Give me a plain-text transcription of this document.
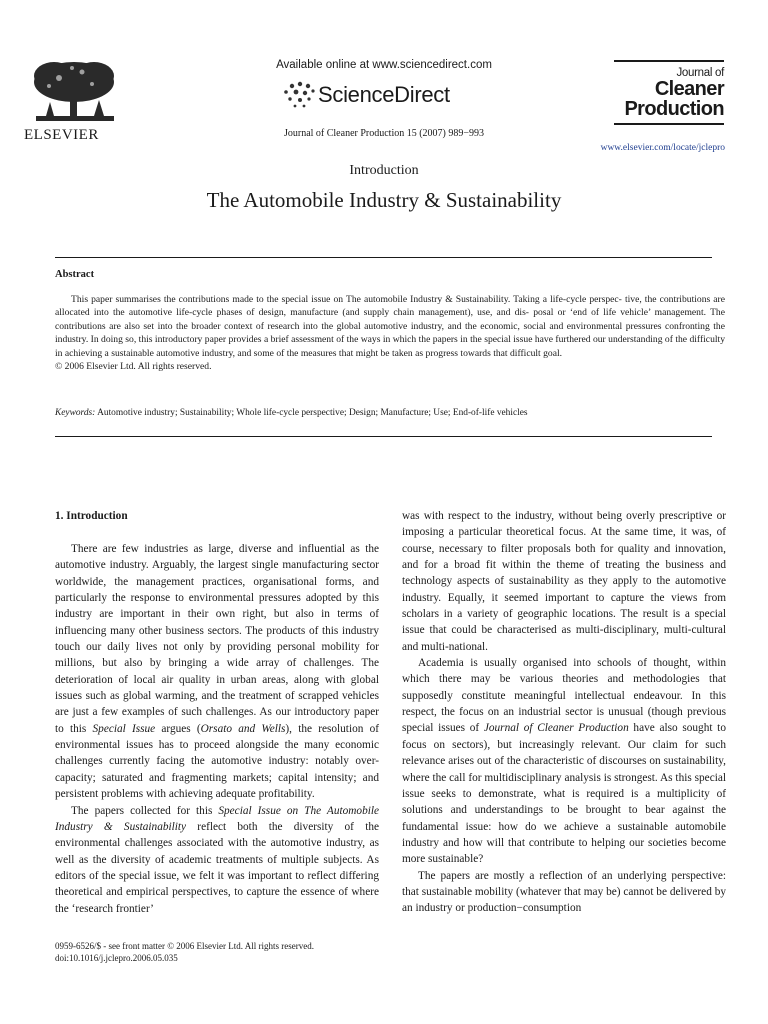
ELSEVIER
Available online at www.sciencedirect.com
ScienceDirect
Journal of Cleaner Production 15 (2007) 989−993
Journal of
Cleaner
Production
www.elsevier.com/locate/jclepro
Introduction
The Automobile Industry & Sustainability
Abstract

This paper summarises the contributions made to the special issue on The automobile Industry & Sustainability. Taking a life-cycle perspec- tive, the contributions are allocated into the automotive life-cycle phases of design, manufacture (and supply chain management), use, and dis- posal or ‘end of life vehicle’ management. The contributions are also set into the broader context of research into the global automotive industry, and the economic, social and environmental pressures confronting the industry. In doing so, this introductory paper provides a brief assessment of the ways in which the papers in the special issue have furthered our understanding of the difficulty in achieving a sustainable automotive industry, and some of the measures that might be taken as progress towards that difficult goal.

© 2006 Elsevier Ltd. All rights reserved.

Keywords: Automotive industry; Sustainability; Whole life-cycle perspective; Design; Manufacture; Use; End-of-life vehicles
1. Introduction

There are few industries as large, diverse and influential as the automotive industry. Arguably, the largest single manufacturing sector worldwide, the management practices, organisational forms, and particularly the response to environmental pressures adopted by this industry are important in their own right, but also in terms of influencing many other business sectors. The products of this industry touch our daily lives not only by providing personal mobility for millions, but also by bringing a wide array of challenges. The deterioration of local air quality in urban areas, along with global issues such as global warming, and the treatment of scrapped vehicles are just a few examples of such challenges. As our introductory paper to this Special Issue argues (Orsato and Wells), the resolution of environmental issues has to proceed alongside the many economic challenges currently facing the automotive industry: notably over-capacity; saturated and fragmenting markets; capital intensity; and persistent problems with achieving adequate profitability.

The papers collected for this Special Issue on The Automobile Industry & Sustainability reflect both the diversity of the environmental challenges associated with the automotive industry, as well as the diversity of academic treatments of multiple subjects. As editors of the special issue, we felt it was important to reflect differing theoretical and empirical perspectives, to capture the essence of where the ‘research frontier’

was with respect to the industry, without being overly prescriptive or imposing a particular theoretical focus. At the same time, it was, of course, necessary to filter proposals both for quality and innovation, and for a broad fit within the theme of treating the business and technology aspects of sustainability as they apply to the automotive industry. Equally, it seemed important to capture the views from scholars in a variety of geographic locations. The result is a special issue that could be characterised as multi-disciplinary, multi-cultural and multi-national.

Academia is usually organised into schools of thought, within which there may be various theories and methodologies that supposedly constitute meaningful intellectual endeavour. In this respect, the focus on an industrial sector is unusual (though previous special issues of Journal of Cleaner Production have also sought to focus on sectors), but increasingly relevant. Our claim for such relevance arises out of the characteristic of discourses on sustainability, where the call for multidisciplinary analysis is strongest. As this special issue seeks to demonstrate, what is required is a multiplicity of solutions and understandings to be brought to bear against the fundamental issue: how do we achieve a sustainable automobile industry and how will that contribute to helping our societies become more sustainable?

The papers are mostly a reflection of an underlying perspective: that sustainable mobility (whatever that may be) cannot be delivered by an industry or production−consumption

0959-6526/$ - see front matter © 2006 Elsevier Ltd. All rights reserved.
doi:10.1016/j.jclepro.2006.05.035
